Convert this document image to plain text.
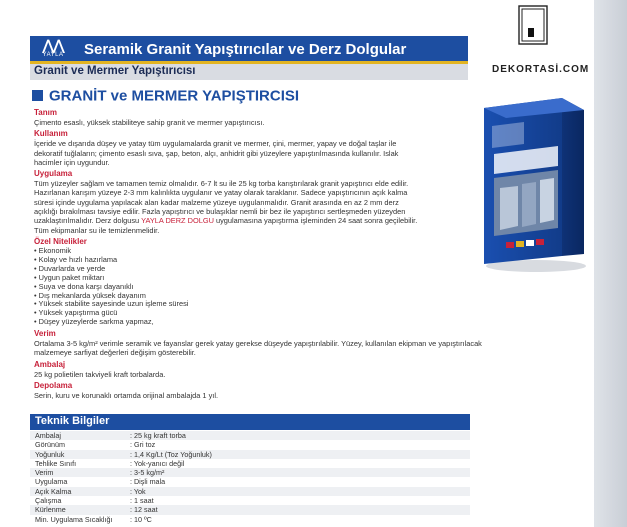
⋀⋀
YAYLA	Seramik Granit Yapıştırıcılar ve Derz Dolgular
Granit ve Mermer Yapıştırıcısı
GRANİT ve MERMER YAPIŞTIRCISI
Tanım
Çimento esaslı, yüksek stabiliteye sahip granit ve mermer yapıştırıcısı.
Kullanım
İçeride ve dışarıda düşey ve yatay tüm uygulamalarda granit ve mermer, çini, mermer, yapay ve doğal taşlar ile
dekoratif tuğlaların; çimento esaslı sıva, şap, beton, alçı, anhidrit gibi yüzeylere yapıştırılmasında kullanılır. Islak
hacimler için uygundur.
Uygulama
Tüm yüzeyler sağlam ve tamamen temiz olmalıdır. 6-7 lt su ile 25 kg torba karıştırılarak granit yapıştırıcı elde edilir.
Hazırlanan karışım yüzeye 2-3 mm kalınlıkta uygulanır ve yatay olarak taraklanır. Sadece yapıştırıcının açık kalma
süresi içinde uygulama yapılacak alan kadar malzeme yüzeye uygulanmalıdır. Granit arasında en az 2 mm derz
açıklığı bırakılması tavsiye edilir. Fazla yapıştırıcı ve bulaşıklar nemli bir bez ile yapıştırıcı sertleşmeden yüzeyden
uzaklaştırılmalıdır. Derz dolgusu YAYLA DERZ DOLGU uygulamasına yapıştırma işleminden 24 saat sonra geçilebilir.
Tüm ekipmanlar su ile temizlenmelidir.
Özel Nitelikler
• Ekonomik
• Kolay ve hızlı hazırlama
• Duvarlarda ve yerde
• Uygun paket miktarı
• Suya ve dona karşı dayanıklı
• Dış mekanlarda yüksek dayanım
• Yüksek stabilite sayesinde uzun işleme süresi
• Yüksek yapıştırma gücü
• Düşey yüzeylerde sarkma yapmaz,
Verim
Ortalama 3-5 kg/m² verimle seramik ve fayanslar gerek yatay gerekse düşeyde yapıştırılabilir. Yüzey, kullanılan ekipman ve yapıştırılacak
malzemeye sarfiyat değerleri değişim gösterebilir.
Ambalaj
25 kg polietilen takviyeli kraft torbalarda.
Depolama
Serin, kuru ve korunaklı ortamda orijinal ambalajda 1 yıl.
Teknik Bilgiler
Ambalaj	: 25 kg kraft torba
Görünüm	: Gri toz
Yoğunluk	: 1,4 Kg/Lt (Toz Yoğunluk)
Tehlike Sınıfı	: Yok-yanıcı değil
Verim	: 3-5 kg/m²
Uygulama	: Dişli mala
Açık Kalma	: Yok
Çalışma	: 1 saat
Kürlenme	: 12 saat
Min. Uygulama Sıcaklığı : 10 ºC
DEKORTASİ.COM
